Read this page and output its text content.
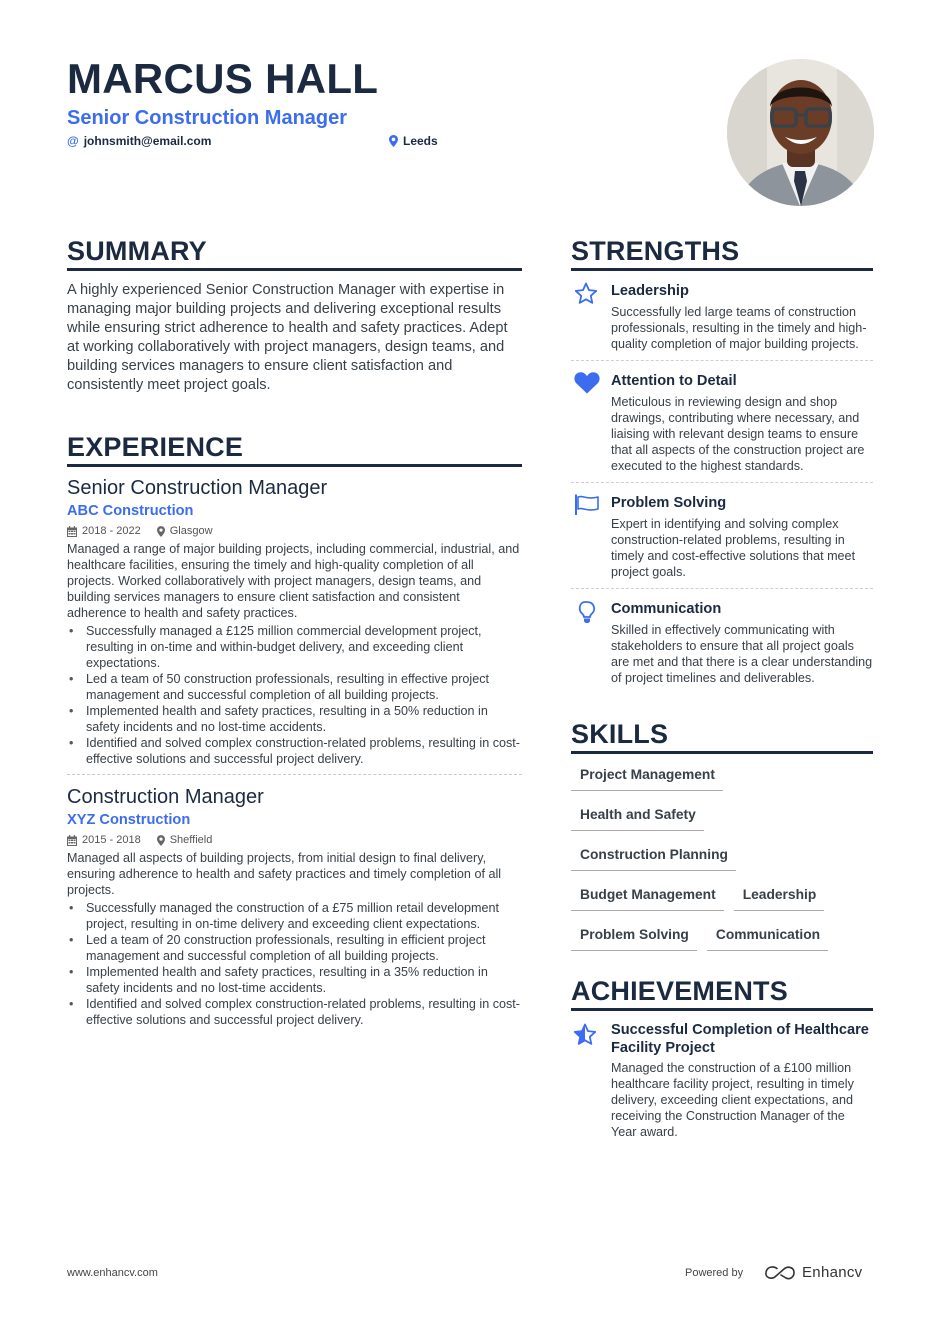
MARCUS HALL
Senior Construction Manager
@ johnsmith@email.com	Leeds
SUMMARY

A highly experienced Senior Construction Manager with expertise in managing major building projects and delivering exceptional results while ensuring strict adherence to health and safety practices. Adept at working collaboratively with project managers, design teams, and building services managers to ensure client satisfaction and consistently meet project goals.

EXPERIENCE
Senior Construction Manager
ABC Construction
2018 - 2022	Glasgow

Managed a range of major building projects, including commercial, industrial, and healthcare facilities, ensuring the timely and high-quality completion of all projects. Worked collaboratively with project managers, design teams, and building services managers to ensure client satisfaction and consistent adherence to health and safety practices.

• Successfully managed a £125 million commercial development project, resulting in on-time and within-budget delivery, and exceeding client expectations.
• Led a team of 50 construction professionals, resulting in effective project management and successful completion of all building projects.
• Implemented health and safety practices, resulting in a 50% reduction in safety incidents and no lost-time accidents.
• Identified and solved complex construction-related problems, resulting in cost-effective solutions and successful project delivery.
Construction Manager
XYZ Construction
2015 - 2018	Sheffield

Managed all aspects of building projects, from initial design to final delivery, ensuring adherence to health and safety practices and timely completion of all projects.

• Successfully managed the construction of a £75 million retail development project, resulting in on-time delivery and exceeding client expectations.
• Led a team of 20 construction professionals, resulting in efficient project management and successful completion of all building projects.
• Implemented health and safety practices, resulting in a 35% reduction in safety incidents and no lost-time accidents.
• Identified and solved complex construction-related problems, resulting in cost-effective solutions and successful project delivery.
STRENGTHS
Leadership

Successfully led large teams of construction professionals, resulting in the timely and high-quality completion of major building projects.

Attention to Detail

Meticulous in reviewing design and shop drawings, contributing where necessary, and liaising with relevant design teams to ensure that all aspects of the construction project are executed to the highest standards.

Problem Solving

Expert in identifying and solving complex construction-related problems, resulting in timely and cost-effective solutions that meet project goals.

Communication

Skilled in effectively communicating with stakeholders to ensure that all project goals are met and that there is a clear understanding of project timelines and deliverables.

SKILLS
Project Management
Health and Safety
Construction Planning
Budget Management	Leadership
Problem Solving	Communication
ACHIEVEMENTS
Successful Completion of Healthcare Facility Project

Managed the construction of a £100 million healthcare facility project, resulting in timely delivery, exceeding client expectations, and receiving the Construction Manager of the Year award.

www.enhancv.com	Powered by	Enhancv
